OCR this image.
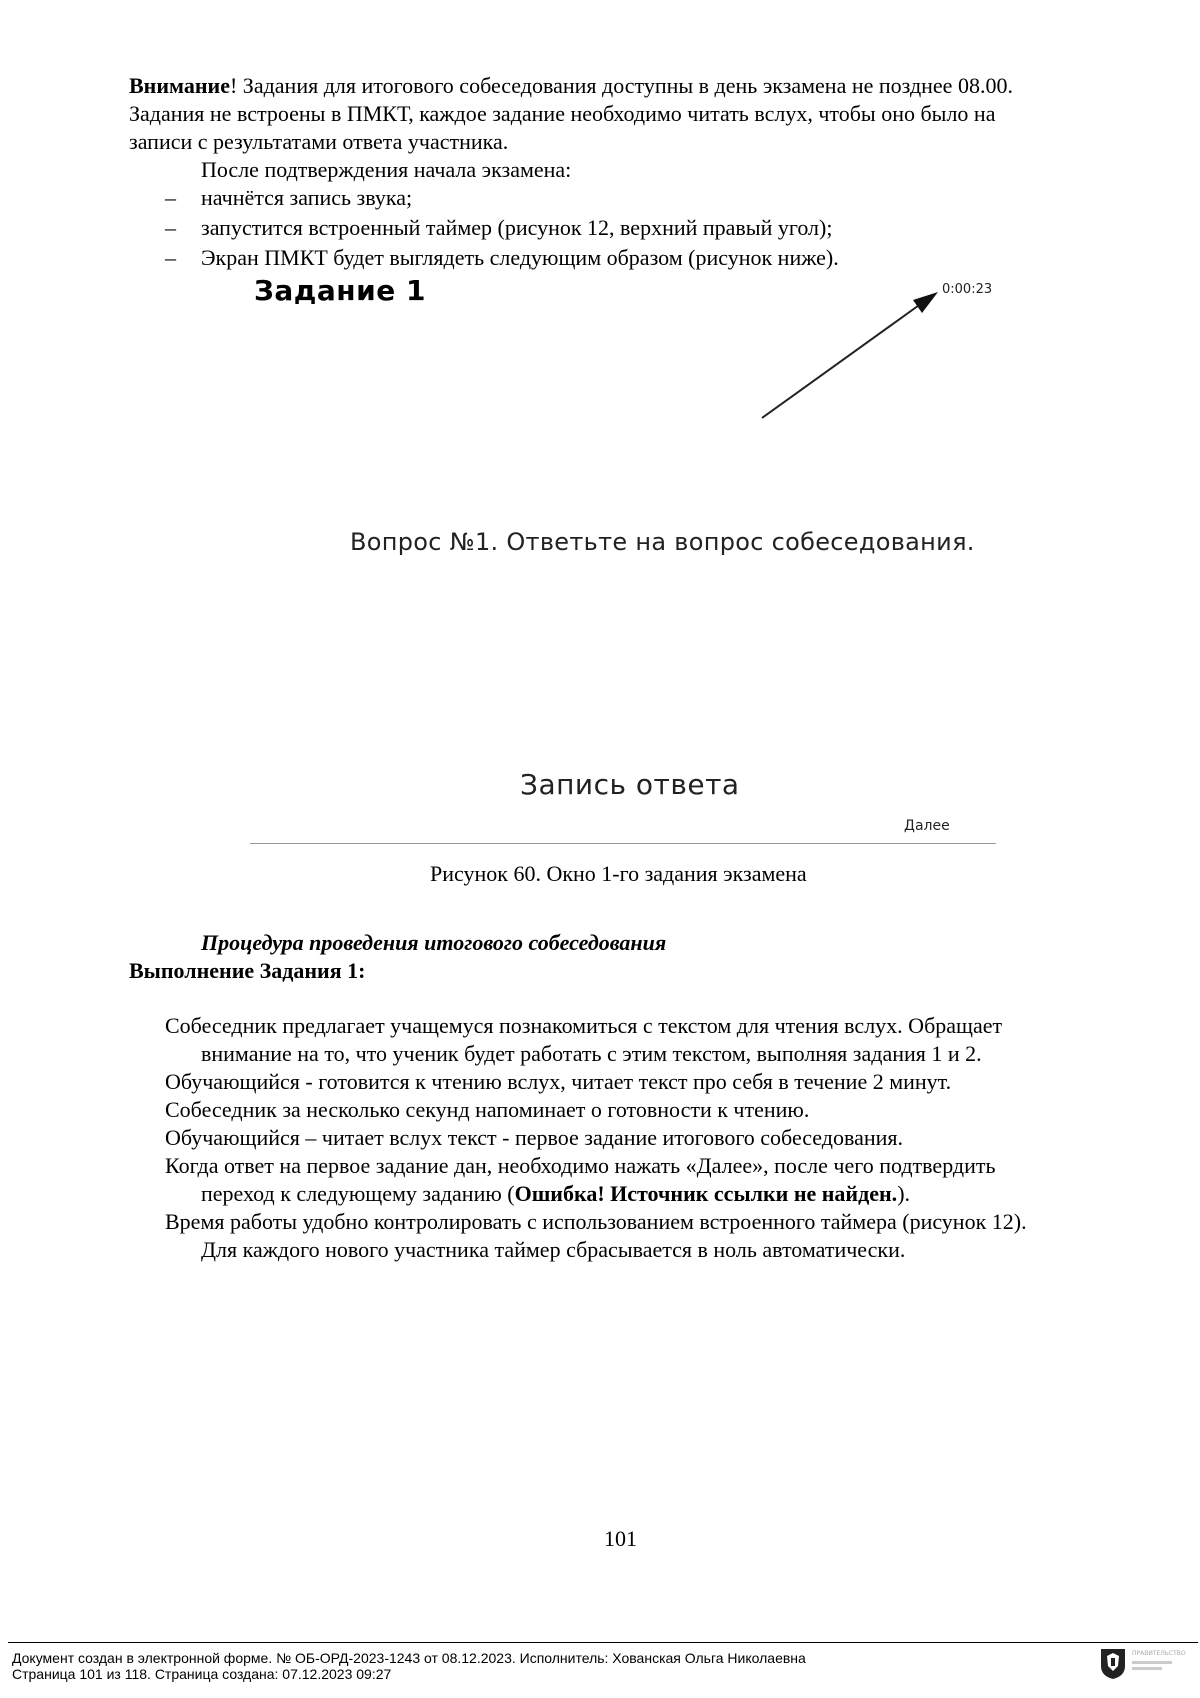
Внимание! Задания для итогового собеседования доступны в день экзамена не позднее 08.00.
Задания не встроены в ПМКТ, каждое задание необходимо читать вслух, чтобы оно было на
записи с результатами ответа участника.
После подтверждения начала экзамена:
– начнётся запись звука;
– запустится встроенный таймер (рисунок 12, верхний правый угол);
– Экран ПМКТ будет выглядеть следующим образом (рисунок ниже).
Задание 1	0:00:23
Вопрос №1. Ответьте на вопрос собеседования.
Запись ответа
Далее
Рисунок 60. Окно 1-го задания экзамена
Процедура проведения итогового собеседования
Выполнение Задания 1:
Собеседник предлагает учащемуся познакомиться с текстом для чтения вслух. Обращает
внимание на то, что ученик будет работать с этим текстом, выполняя задания 1 и 2.
Обучающийся - готовится к чтению вслух, читает текст про себя в течение 2 минут.
Собеседник за несколько секунд напоминает о готовности к чтению.
Обучающийся – читает вслух текст - первое задание итогового собеседования.
Когда ответ на первое задание дан, необходимо нажать «Далее», после чего подтвердить
переход к следующему заданию (Ошибка! Источник ссылки не найден.).
Время работы удобно контролировать с использованием встроенного таймера (рисунок 12).
Для каждого нового участника таймер сбрасывается в ноль автоматически.
101
Документ создан в электронной форме. № ОБ-ОРД-2023-1243 от 08.12.2023. Исполнитель: Хованская Ольга Николаевна
Страница 101 из 118. Страница создана: 07.12.2023 09:27
ПРАВИТЕЛЬСТВО
